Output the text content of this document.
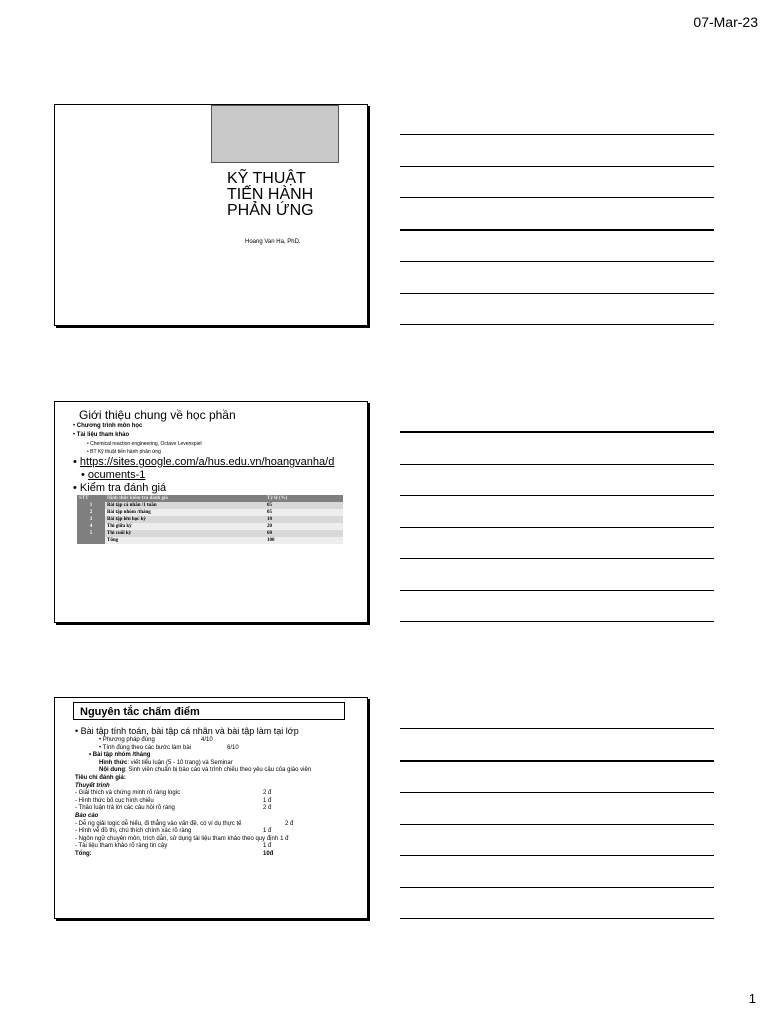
07-Mar-23
KỸ THUẬT
TIẾN HÀNH
PHẢN ỨNG
Hoang Van Ha, PhD.
Giới thiệu chung về học phần
• Chương trình môn học
• Tài liệu tham khảo
• Chemical reaction engineering, Octave Levenspiel
• BT Kỹ thuật tiến hành phản ứng
• https://sites.google.com/a/hus.edu.vn/hoangvanha/d
• ocuments-1
• Kiểm tra đánh giá
STT	Hình thức kiểm tra đánh giá	Tỷ lệ (%)
1	Bài tập cá nhân /1 tuần	05
2	Bài tập nhóm /tháng	05
3	Bài tập lớn học kỳ	10
4	Thi giữa kỳ	20
5	Thi cuối kỳ	60
	Tổng	100
Nguyên tắc chấm điểm
• Bài tập tính toán, bài tập cá nhân và bài tập làm tại lớp
• Phương pháp đúng	4/10
• Tính đúng theo các bước làm bài	6/10
• Bài tập nhóm /tháng
Hình thức: viết tiểu luận (5 - 10 trang) và Seminar
Nội dung: Sinh viên chuẩn bị báo cáo và trình chiếu theo yêu cầu của giáo viên
Tiêu chí đánh giá:
Thuyết trình
- Giải thích và chứng minh rõ ràng logic	2 đ
- Hình thức bố cục hình chiếu	1 đ
- Thảo luận trả lời các câu hỏi rõ ràng	2 đ
Báo cáo
- Dễ ng giải logic dễ hiểu, đi thẳng vào vấn đề, có ví dụ thực tế	2 đ
- Hình vẽ đồ thị, chú thích chính xác rõ ràng	1 đ
- Ngôn ngữ chuyên môn, trích dẫn, sử dụng tài liệu tham khảo theo quy định 1 đ
- Tài liệu tham khảo rõ ràng tin cậy	1 đ
Tổng:	10đ
1
